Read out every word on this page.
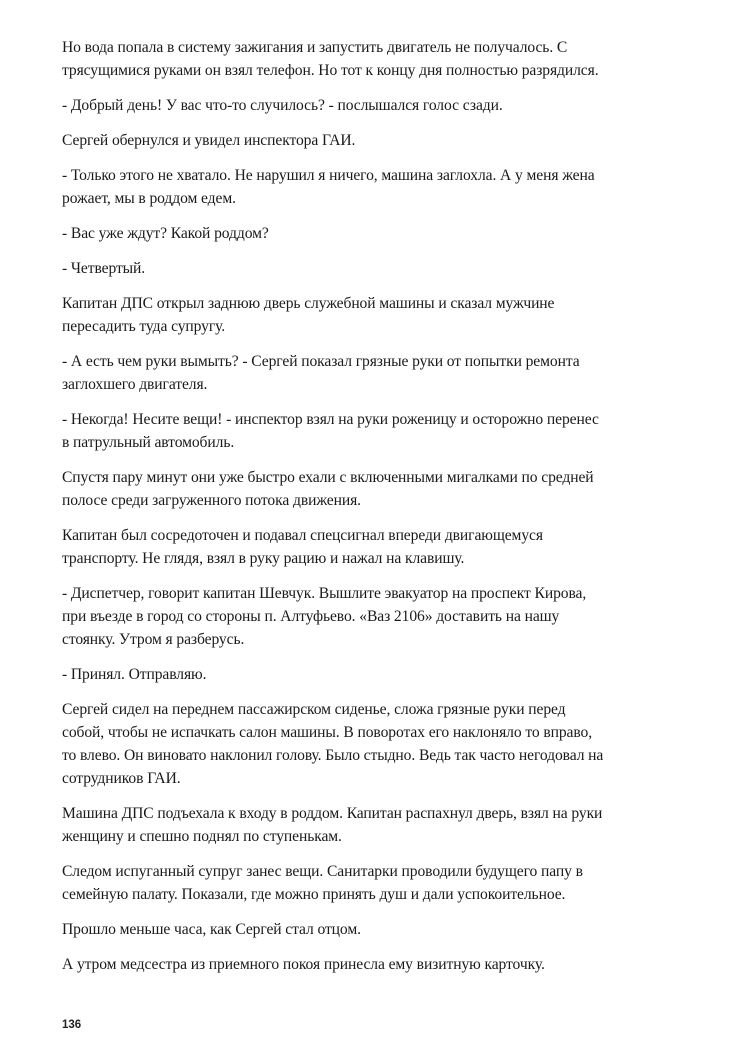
Но вода попала в систему зажигания и запустить двигатель не получалось. С
трясущимися руками он взял телефон. Но тот к концу дня полностью разрядился.

- Добрый день! У вас что-то случилось? - послышался голос сзади.

Сергей обернулся и увидел инспектора ГАИ.

- Только этого не хватало. Не нарушил я ничего, машина заглохла. А у меня жена
рожает, мы в роддом едем.

- Вас уже ждут? Какой роддом?

- Четвертый.

Капитан ДПС открыл заднюю дверь служебной машины и сказал мужчине
пересадить туда супругу.

- А есть чем руки вымыть? - Сергей показал грязные руки от попытки ремонта
заглохшего двигателя.

- Некогда! Несите вещи! - инспектор взял на руки роженицу и осторожно перенес
в патрульный автомобиль.

Спустя пару минут они уже быстро ехали с включенными мигалками по средней
полосе среди загруженного потока движения.

Капитан был сосредоточен и подавал спецсигнал впереди двигающемуся
транспорту. Не глядя, взял в руку рацию и нажал на клавишу.

- Диспетчер, говорит капитан Шевчук. Вышлите эвакуатор на проспект Кирова,
при въезде в город со стороны п. Алтуфьево. «Ваз 2106» доставить на нашу
стоянку. Утром я разберусь.

- Принял. Отправляю.

Сергей сидел на переднем пассажирском сиденье, сложа грязные руки перед
собой, чтобы не испачкать салон машины. В поворотах его наклоняло то вправо,
то влево. Он виновато наклонил голову. Было стыдно. Ведь так часто негодовал на
сотрудников ГАИ.

Машина ДПС подъехала к входу в роддом. Капитан распахнул дверь, взял на руки
женщину и спешно поднял по ступенькам.

Следом испуганный супруг занес вещи. Санитарки проводили будущего папу в
семейную палату. Показали, где можно принять душ и дали успокоительное.

Прошло меньше часа, как Сергей стал отцом.

А утром медсестра из приемного покоя принесла ему визитную карточку.

136
